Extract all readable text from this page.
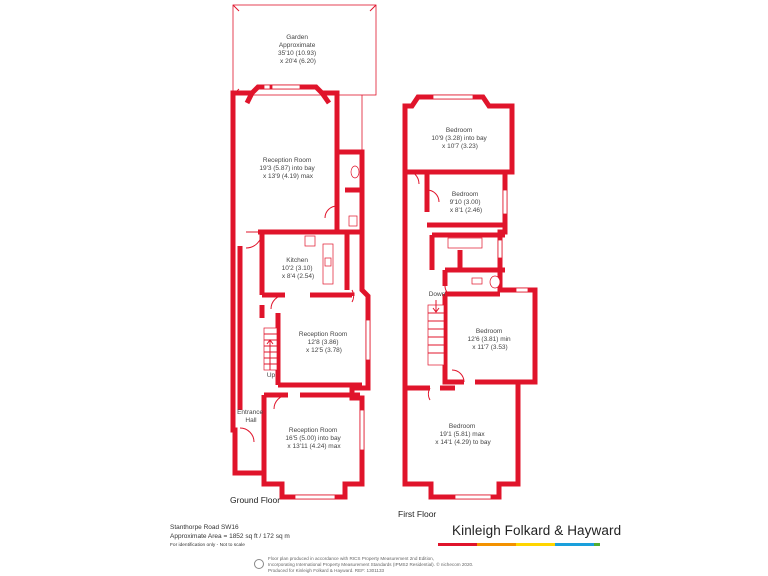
Garden Approximate 35'10 (10.93) x 20'4 (6.20)
Reception Room 19'3 (5.87) into bay x 13'9 (4.19) max
Kitchen 10'2 (3.10) x 8'4 (2.54)
Reception Room 12'8 (3.86) x 12'5 (3.78)
Entrance Hall
Reception Room 16'5 (5.00) into bay x 13'11 (4.24) max
Up
Bedroom 10'9 (3.28) into bay x 10'7 (3.23)
Bedroom 9'10 (3.00) x 8'1 (2.46)
Bedroom 12'6 (3.81) min x 11'7 (3.53)
Bedroom 19'1 (5.81) max x 14'1 (4.29) to bay
Down
Ground Floor
First Floor
Stanthorpe Road SW16
Approximate Area = 1852 sq ft / 172 sq m
For identification only - Not to scale
Kinleigh Folkard & Hayward
Floor plan produced in accordance with RICS Property Measurement 2nd Edition,
Incorporating International Property Measurement Standards (IPMS2 Residential). © nichecom 2020.
Produced for Kinleigh Folkard & Hayward. REF: 1301133
